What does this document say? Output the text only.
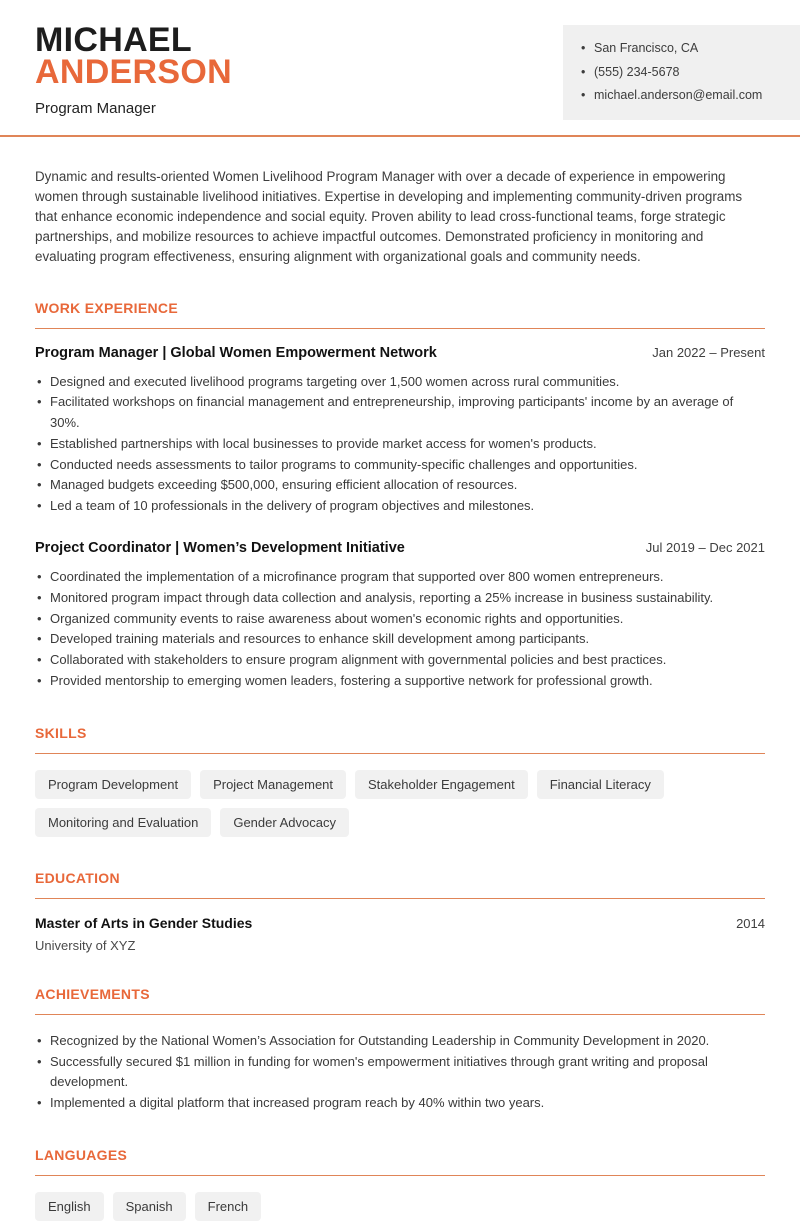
MICHAEL
ANDERSON
Program Manager
• San Francisco, CA
• (555) 234-5678
• michael.anderson@email.com

Dynamic and results-oriented Women Livelihood Program Manager with over a decade of experience in empowering women through sustainable livelihood initiatives. Expertise in developing and implementing community-driven programs that enhance economic independence and social equity. Proven ability to lead cross-functional teams, forge strategic partnerships, and mobilize resources to achieve impactful outcomes. Demonstrated proficiency in monitoring and evaluating program effectiveness, ensuring alignment with organizational goals and community needs.

WORK EXPERIENCE
Program Manager | Global Women Empowerment Network	Jan 2022 – Present
• Designed and executed livelihood programs targeting over 1,500 women across rural communities.
• Facilitated workshops on financial management and entrepreneurship, improving participants' income by an average of 30%.
• Established partnerships with local businesses to provide market access for women's products.
• Conducted needs assessments to tailor programs to community-specific challenges and opportunities.
• Managed budgets exceeding $500,000, ensuring efficient allocation of resources.
• Led a team of 10 professionals in the delivery of program objectives and milestones.
Project Coordinator | Women’s Development Initiative	Jul 2019 – Dec 2021
• Coordinated the implementation of a microfinance program that supported over 800 women entrepreneurs.
• Monitored program impact through data collection and analysis, reporting a 25% increase in business sustainability.
• Organized community events to raise awareness about women's economic rights and opportunities.
• Developed training materials and resources to enhance skill development among participants.
• Collaborated with stakeholders to ensure program alignment with governmental policies and best practices.
• Provided mentorship to emerging women leaders, fostering a supportive network for professional growth.
SKILLS
Program Development	Project Management	Stakeholder Engagement	Financial Literacy
Monitoring and Evaluation	Gender Advocacy
EDUCATION
Master of Arts in Gender Studies	2014
University of XYZ
ACHIEVEMENTS
• Recognized by the National Women’s Association for Outstanding Leadership in Community Development in 2020.
• Successfully secured $1 million in funding for women's empowerment initiatives through grant writing and proposal development.
• Implemented a digital platform that increased program reach by 40% within two years.
LANGUAGES
English	Spanish	French
